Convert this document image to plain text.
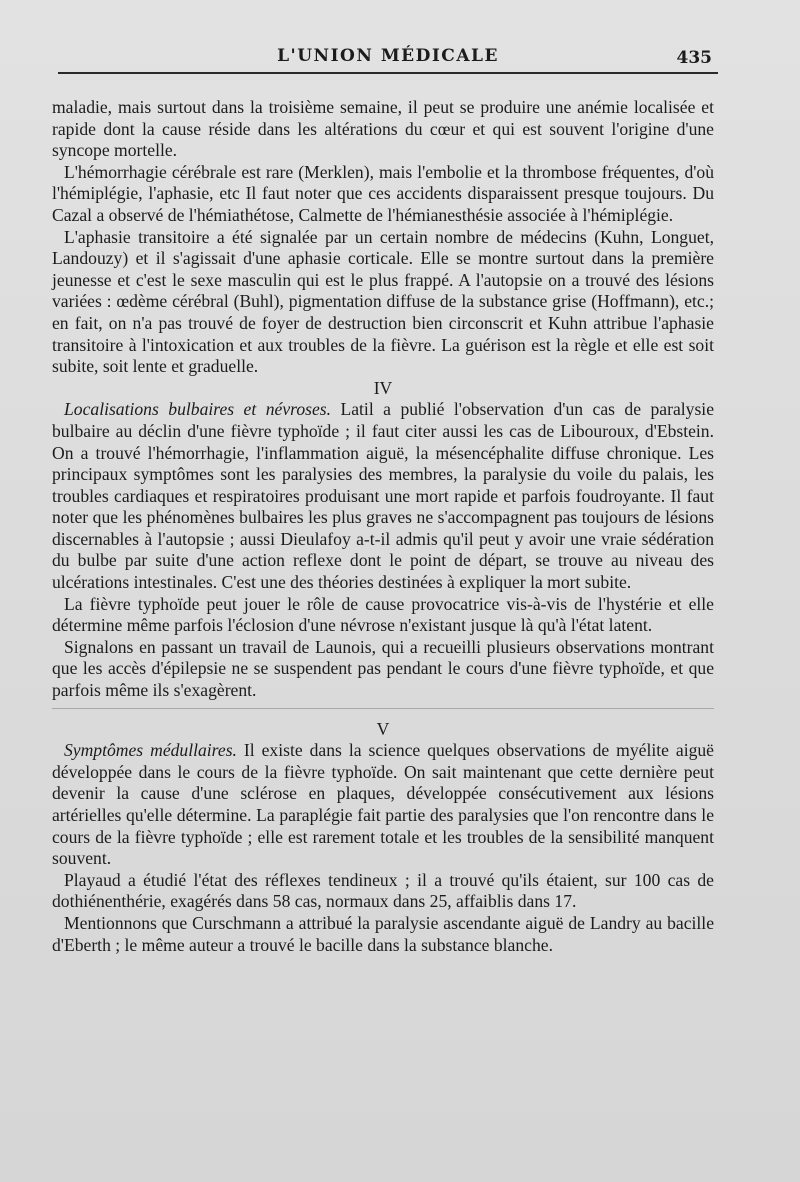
L'UNION MÉDICALE	435

maladie, mais surtout dans la troisième semaine, il peut se produire une anémie localisée et rapide dont la cause réside dans les altérations du cœur et qui est souvent l'origine d'une syncope mortelle.

L'hémorrhagie cérébrale est rare (Merklen), mais l'embolie et la thrombose fréquentes, d'où l'hémiplégie, l'aphasie, etc Il faut noter que ces accidents disparaissent presque toujours. Du Cazal a observé de l'hémiathétose, Calmette de l'hémianesthésie associée à l'hémiplégie.

L'aphasie transitoire a été signalée par un certain nombre de médecins (Kuhn, Longuet, Landouzy) et il s'agissait d'une aphasie corticale. Elle se montre surtout dans la première jeunesse et c'est le sexe masculin qui est le plus frappé. A l'autopsie on a trouvé des lésions variées : œdème cérébral (Buhl), pigmentation diffuse de la substance grise (Hoffmann), etc.; en fait, on n'a pas trouvé de foyer de destruction bien circonscrit et Kuhn attribue l'aphasie transitoire à l'intoxication et aux troubles de la fièvre. La guérison est la règle et elle est soit subite, soit lente et graduelle.

IV

Localisations bulbaires et névroses. Latil a publié l'observation d'un cas de paralysie bulbaire au déclin d'une fièvre typhoïde ; il faut citer aussi les cas de Libouroux, d'Ebstein. On a trouvé l'hémorrhagie, l'inflammation aiguë, la mésencéphalite diffuse chronique. Les principaux symptômes sont les paralysies des membres, la paralysie du voile du palais, les troubles cardiaques et respiratoires produisant une mort rapide et parfois foudroyante. Il faut noter que les phénomènes bulbaires les plus graves ne s'accompagnent pas toujours de lésions discernables à l'autopsie ; aussi Dieulafoy a-t-il admis qu'il peut y avoir une vraie sédération du bulbe par suite d'une action reflexe dont le point de départ, se trouve au niveau des ulcérations intestinales. C'est une des théories destinées à expliquer la mort subite.

La fièvre typhoïde peut jouer le rôle de cause provocatrice vis-à-vis de l'hystérie et elle détermine même parfois l'éclosion d'une névrose n'existant jusque là qu'à l'état latent.

Signalons en passant un travail de Launois, qui a recueilli plusieurs observations montrant que les accès d'épilepsie ne se suspendent pas pendant le cours d'une fièvre typhoïde, et que parfois même ils s'exagèrent.

V

Symptômes médullaires. Il existe dans la science quelques observations de myélite aiguë développée dans le cours de la fièvre typhoïde. On sait maintenant que cette dernière peut devenir la cause d'une sclérose en plaques, développée consécutivement aux lésions artérielles qu'elle détermine. La paraplégie fait partie des paralysies que l'on rencontre dans le cours de la fièvre typhoïde ; elle est rarement totale et les troubles de la sensibilité manquent souvent.

Playaud a étudié l'état des réflexes tendineux ; il a trouvé qu'ils étaient, sur 100 cas de dothiénenthérie, exagérés dans 58 cas, normaux dans 25, affaiblis dans 17.

Mentionnons que Curschmann a attribué la paralysie ascendante aiguë de Landry au bacille d'Eberth ; le même auteur a trouvé le bacille dans la substance blanche.
